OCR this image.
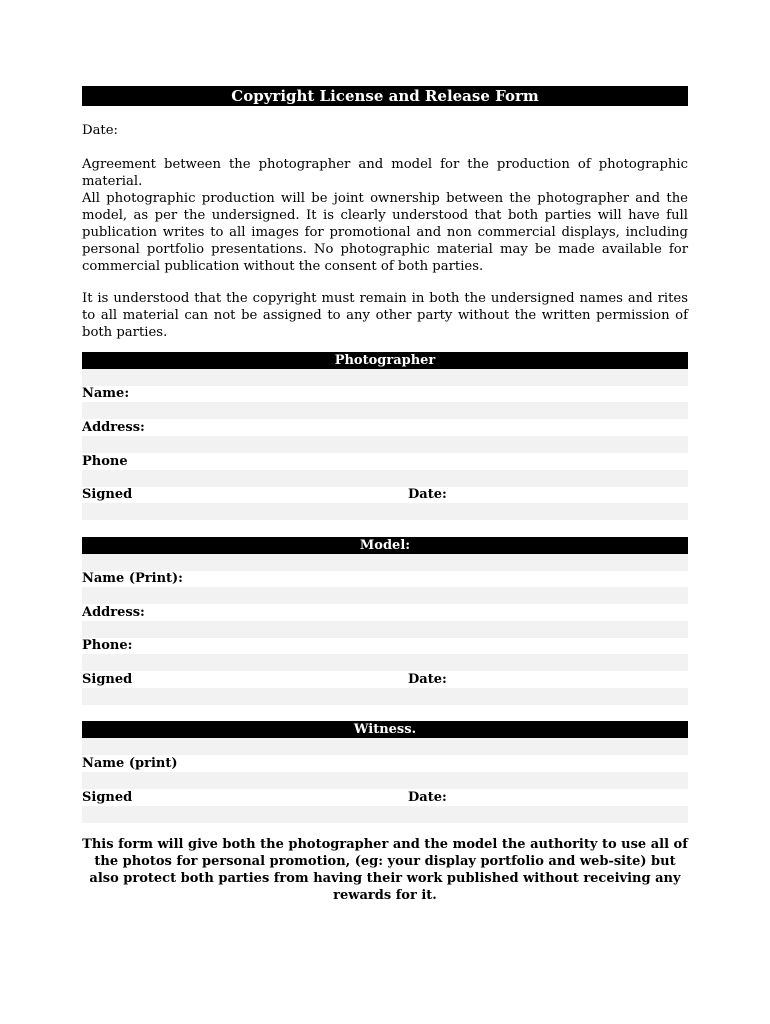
Copyright License and Release Form
Date:
Agreement between the photographer and model for the production of photographic material.
All photographic production will be joint ownership between the photographer and the model, as per the undersigned. It is clearly understood that both parties will have full publication writes to all images for promotional and non commercial displays, including personal portfolio presentations. No photographic material may be made available for commercial publication without the consent of both parties.
It is understood that the copyright must remain in both the undersigned names and rites to all material can not be assigned to any other party without the written permission of both parties.
Photographer
Name:
Address:
Phone
Signed	Date:
Model:
Name (Print):
Address:
Phone:
Signed	Date:
Witness.
Name (print)
Signed	Date:
This form will give both the photographer and the model the authority to use all of the photos for personal promotion, (eg: your display portfolio and web-site) but also protect both parties from having their work published without receiving any rewards for it.
